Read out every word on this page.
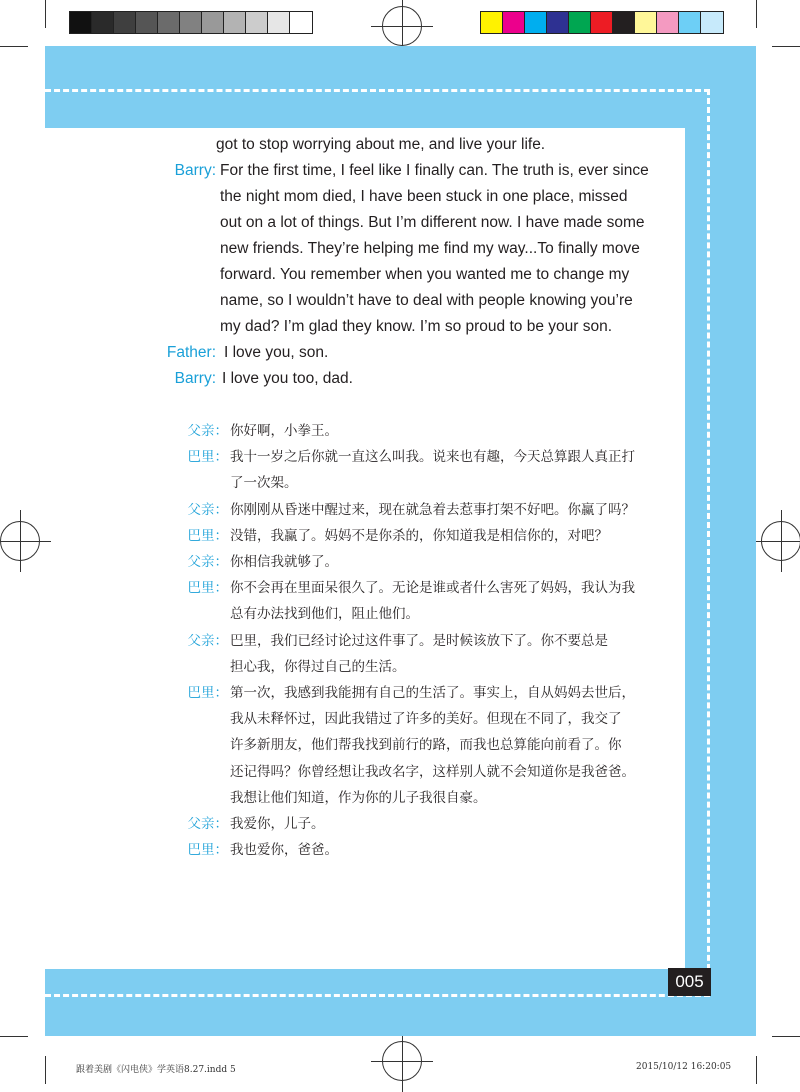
got to stop worrying about me, and live your life.
Barry: For the first time, I feel like I finally can. The truth is, ever since
the night mom died, I have been stuck in one place, missed
out on a lot of things. But I’m different now. I have made some
new friends. They’re helping me find my way...To finally move
forward. You remember when you wanted me to change my
name, so I wouldn’t have to deal with people knowing you’re
my dad? I’m glad they know. I’m so proud to be your son.
Father: I love you, son.
Barry: I love you too, dad.
父亲： 你好啊，小拳王。
巴里： 我十一岁之后你就一直这么叫我。说来也有趣，今天总算跟人真正打
了一次架。
父亲： 你刚刚从昏迷中醒过来，现在就急着去惹事打架不好吧。你赢了吗？
巴里： 没错，我赢了。妈妈不是你杀的，你知道我是相信你的，对吧？
父亲： 你相信我就够了。
巴里： 你不会再在里面呆很久了。无论是谁或者什么害死了妈妈，我认为我
总有办法找到他们，阻止他们。
父亲： 巴里，我们已经讨论过这件事了。是时候该放下了。你不要总是
担心我，你得过自己的生活。
巴里： 第一次，我感到我能拥有自己的生活了。事实上，自从妈妈去世后，
我从未释怀过，因此我错过了许多的美好。但现在不同了，我交了
许多新朋友，他们帮我找到前行的路，而我也总算能向前看了。你
还记得吗？你曾经想让我改名字，这样别人就不会知道你是我爸爸。
我想让他们知道，作为你的儿子我很自豪。
父亲： 我爱你，儿子。
巴里： 我也爱你，爸爸。
005
跟着美剧《闪电侠》学英语8.27.indd 5	2015/10/12 16:20:05
